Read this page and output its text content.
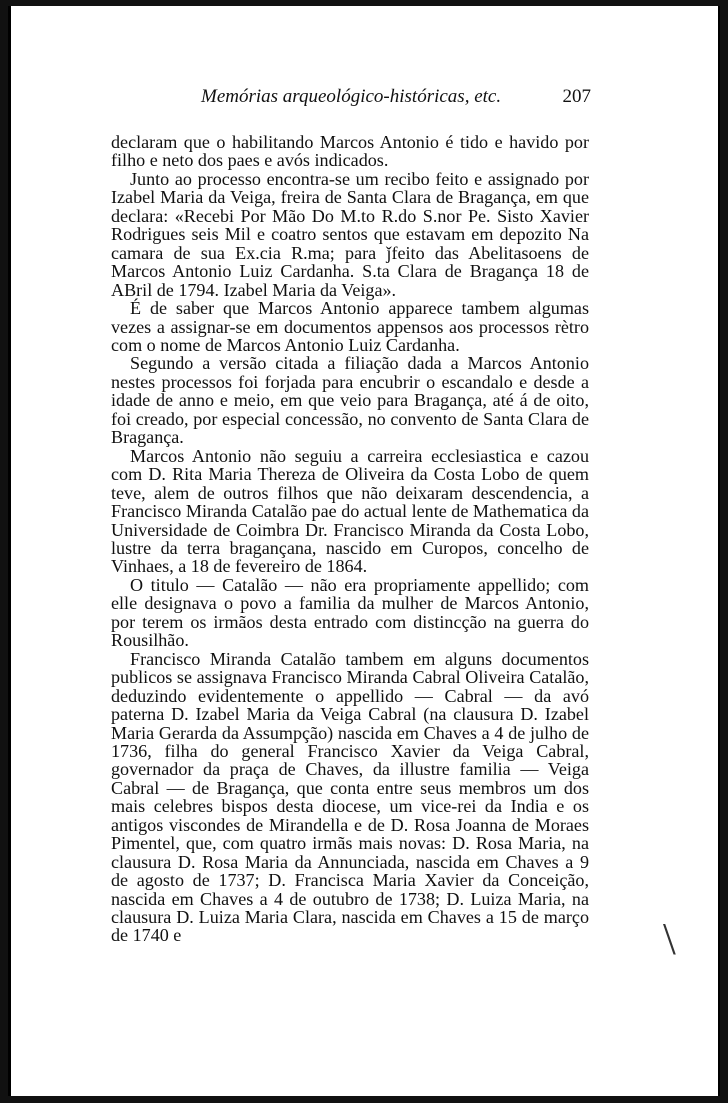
Memórias arqueológico-históricas, etc.	207

declaram que o habilitando Marcos Antonio é tido e havido por filho e neto dos paes e avós indicados.

Junto ao processo encontra-se um recibo feito e assignado por Izabel Maria da Veiga, freira de Santa Clara de Bragança, em que declara: «Recebi Por Mão Do M.to R.do S.nor Pe. Sisto Xavier Rodrigues seis Mil e coatro sentos que estavam em depozito Na camara de sua Ex.cia R.ma; para ǰfeito das Abelitasoens de Marcos Antonio Luiz Cardanha. S.ta Clara de Bragança 18 de ABril de 1794. Izabel Maria da Veiga».

É de saber que Marcos Antonio apparece tambem algumas vezes a assignar-se em documentos appensos aos processos rètro com o nome de Marcos Antonio Luiz Cardanha.

Segundo a versão citada a filiação dada a Marcos Antonio nestes processos foi forjada para encubrir o escandalo e desde a idade de anno e meio, em que veio para Bragança, até á de oito, foi creado, por especial concessão, no convento de Santa Clara de Bragança.

Marcos Antonio não seguiu a carreira ecclesiastica e cazou com D. Rita Maria Thereza de Oliveira da Costa Lobo de quem teve, alem de outros filhos que não deixaram descendencia, a Francisco Miranda Catalão pae do actual lente de Mathematica da Universidade de Coimbra Dr. Francisco Miranda da Costa Lobo, lustre da terra bragançana, nascido em Curopos, concelho de Vinhaes, a 18 de fevereiro de 1864.

O titulo — Catalão — não era propriamente appellido; com elle designava o povo a familia da mulher de Marcos Antonio, por terem os irmãos desta entrado com distincção na guerra do Rousilhão.

Francisco Miranda Catalão tambem em alguns documentos publicos se assignava Francisco Miranda Cabral Oliveira Catalão, deduzindo evidentemente o appellido — Cabral — da avó paterna D. Izabel Maria da Veiga Cabral (na clausura D. Izabel Maria Gerarda da Assumpção) nascida em Chaves a 4 de julho de 1736, filha do general Francisco Xavier da Veiga Cabral, governador da praça de Chaves, da illustre familia — Veiga Cabral — de Bragança, que conta entre seus membros um dos mais celebres bispos desta diocese, um vice-rei da India e os antigos viscondes de Mirandella e de D. Rosa Joanna de Moraes Pimentel, que, com quatro irmãs mais novas: D. Rosa Maria, na clausura D. Rosa Maria da Annunciada, nascida em Chaves a 9 de agosto de 1737; D. Francisca Maria Xavier da Conceição, nascida em Chaves a 4 de outubro de 1738; D. Luiza Maria, na clausura D. Luiza Maria Clara, nascida em Chaves a 15 de março de 1740 e	\
